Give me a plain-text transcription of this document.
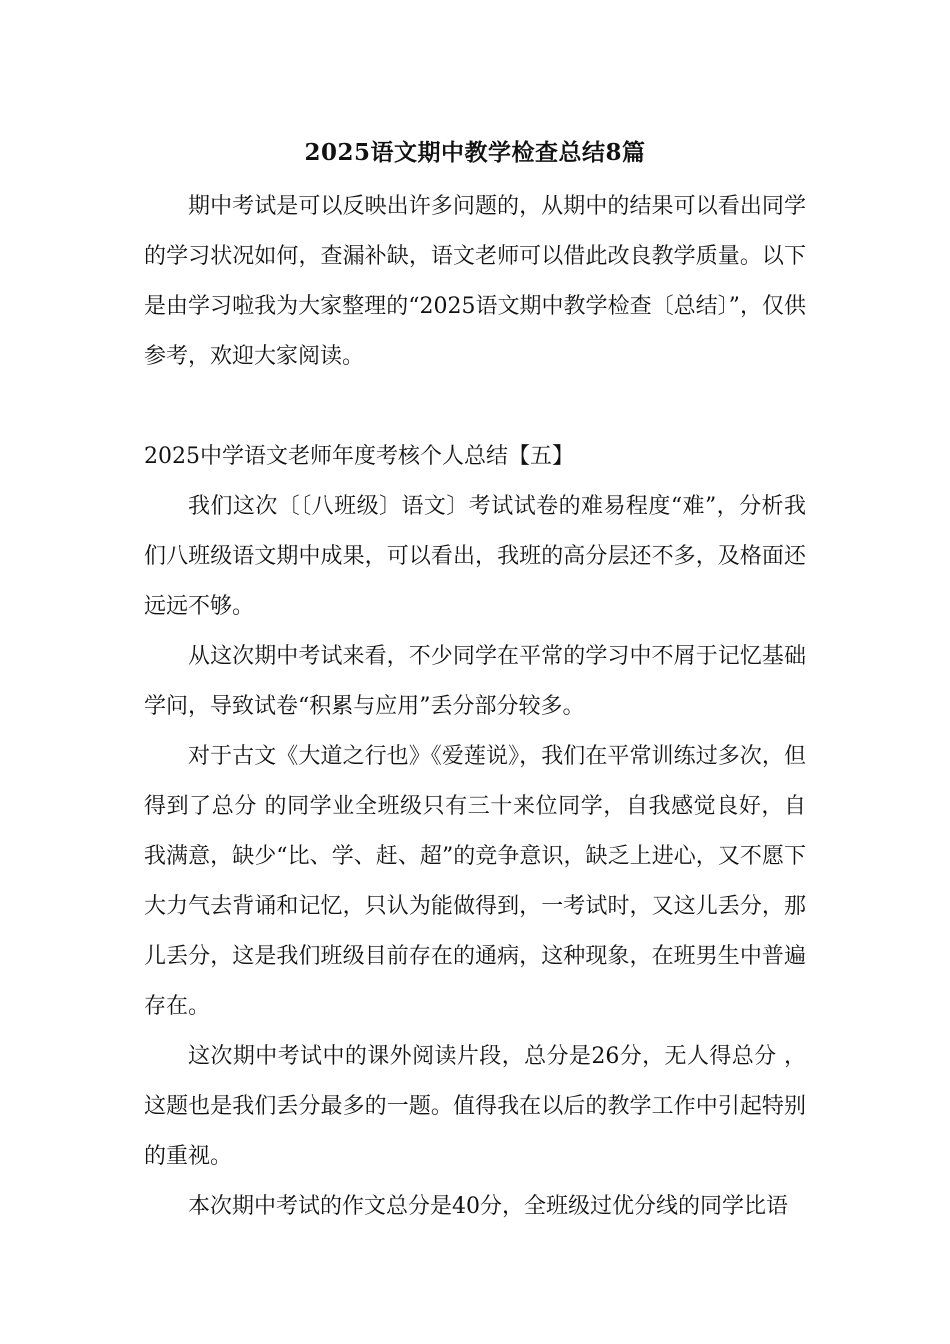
2025语文期中教学检查总结8篇

期中考试是可以反映出许多问题的，从期中的结果可以看出同学的学习状况如何，查漏补缺，语文老师可以借此改良教学质量。以下是由学习啦我为大家整理的“2025语文期中教学检查〔总结〕”，仅供参考，欢迎大家阅读。

2025中学语文老师年度考核个人总结【五】

我们这次〔〔八班级〕语文〕考试试卷的难易程度“难”，分析我们八班级语文期中成果，可以看出，我班的高分层还不多，及格面还远远不够。

从这次期中考试来看，不少同学在平常的学习中不屑于记忆基础学问，导致试卷“积累与应用”丢分部分较多。

对于古文《大道之行也》《爱莲说》，我们在平常训练过多次，但得到了总分 的同学业全班级只有三十来位同学，自我感觉良好，自我满意，缺少“比、学、赶、超”的竞争意识，缺乏上进心，又不愿下大力气去背诵和记忆，只认为能做得到，一考试时，又这儿丢分，那儿丢分，这是我们班级目前存在的通病，这种现象，在班男生中普遍存在。

这次期中考试中的课外阅读片段，总分是26分，无人得总分 ，这题也是我们丢分最多的一题。值得我在以后的教学工作中引起特别的重视。

本次期中考试的作文总分是40分，全班级过优分线的同学比语
